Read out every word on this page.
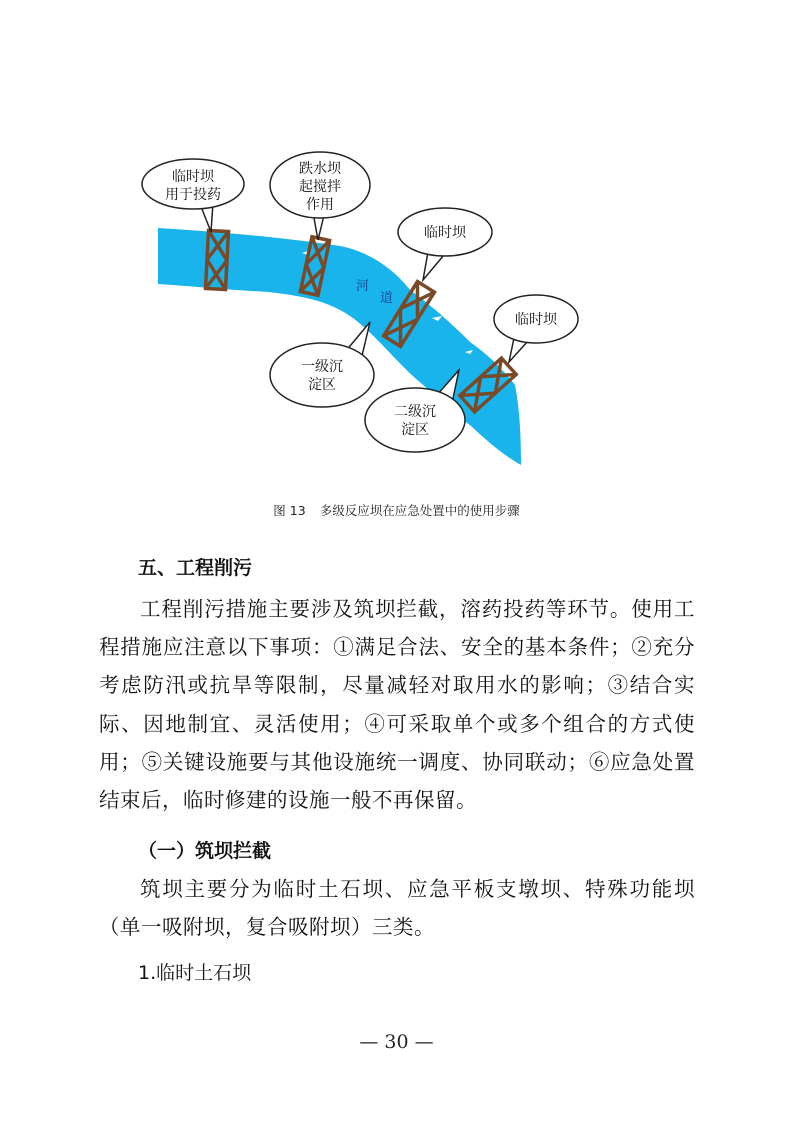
河
道
临时坝
用于投药
跌水坝
起搅拌
作用
临时坝
临时坝
一级沉
淀区
二级沉
淀区
图 13 多级反应坝在应急处置中的使用步骤
五、工程削污

工程削污措施主要涉及筑坝拦截，溶药投药等环节。使用工程措施应注意以下事项：①满足合法、安全的基本条件；②充分考虑防汛或抗旱等限制，尽量减轻对取用水的影响；③结合实际、因地制宜、灵活使用；④可采取单个或多个组合的方式使用；⑤关键设施要与其他设施统一调度、协同联动；⑥应急处置结束后，临时修建的设施一般不再保留。

（一）筑坝拦截

筑坝主要分为临时土石坝、应急平板支墩坝、特殊功能坝（单一吸附坝，复合吸附坝）三类。

1.临时土石坝
— 30 —
